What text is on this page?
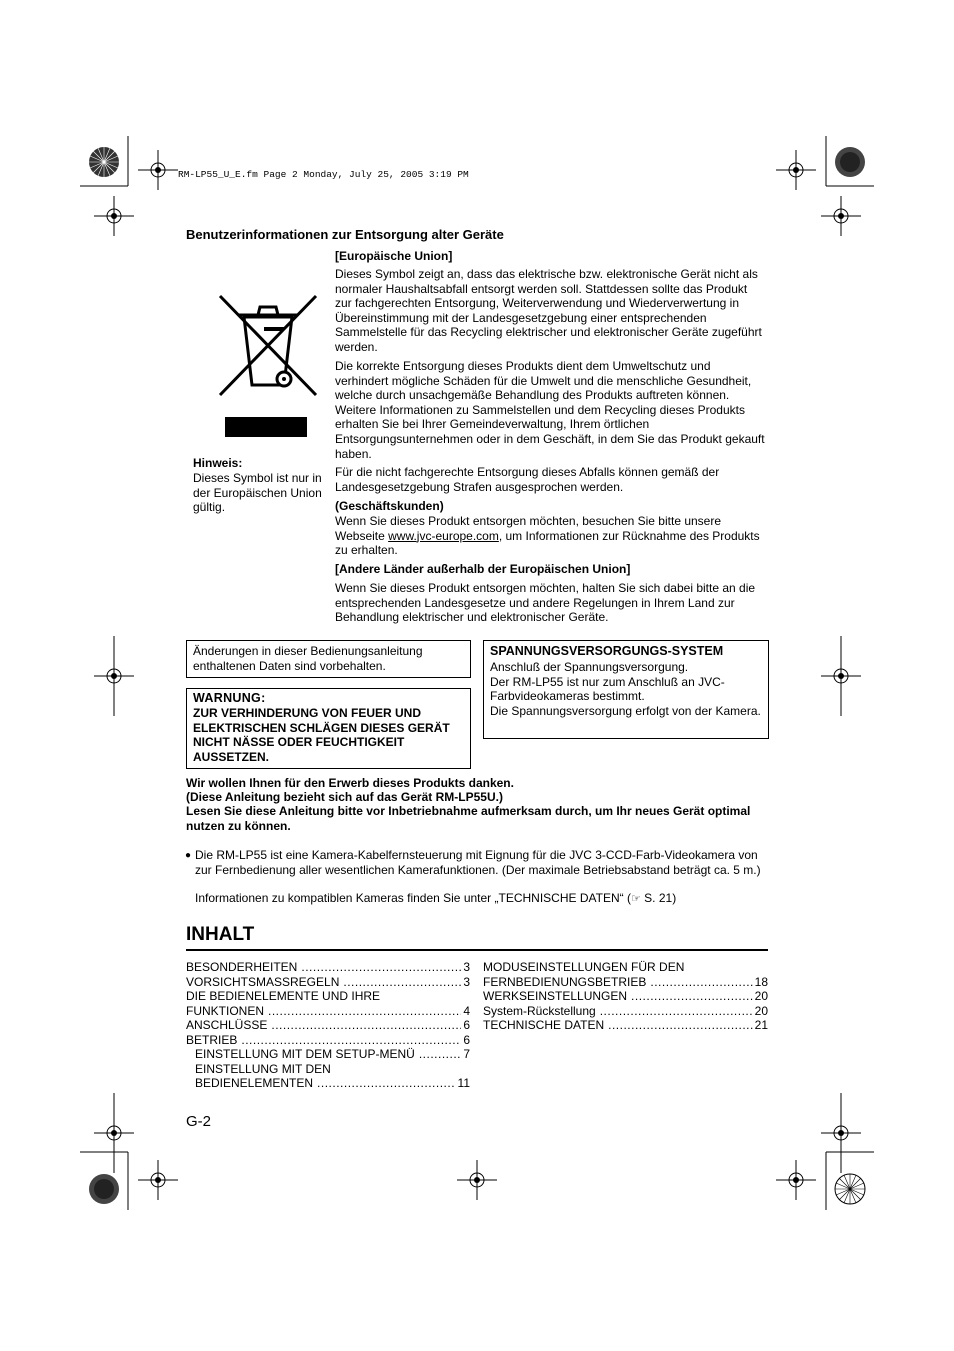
RM-LP55_U_E.fm Page 2 Monday, July 25, 2005 3:19 PM
Benutzerinformationen zur Entsorgung alter Geräte
Hinweis:
Dieses Symbol ist nur in der Europäischen Union gültig.
[Europäische Union]
Dieses Symbol zeigt an, dass das elektrische bzw. elektronische Gerät nicht als normaler Haushaltsabfall entsorgt werden soll. Stattdessen sollte das Produkt zur fachgerechten Entsorgung, Weiterverwendung und Wiederverwertung in Übereinstimmung mit der Landesgesetzgebung einer entsprechenden Sammelstelle für das Recycling elektrischer und elektronischer Geräte zugeführt werden.
Die korrekte Entsorgung dieses Produkts dient dem Umweltschutz und verhindert mögliche Schäden für die Umwelt und die menschliche Gesundheit, welche durch unsachgemäße Behandlung des Produkts auftreten können. Weitere Informationen zu Sammelstellen und dem Recycling dieses Produkts erhalten Sie bei Ihrer Gemeindeverwaltung, Ihrem örtlichen Entsorgungsunternehmen oder in dem Geschäft, in dem Sie das Produkt gekauft haben.
Für die nicht fachgerechte Entsorgung dieses Abfalls können gemäß der Landesgesetzgebung Strafen ausgesprochen werden.
(Geschäftskunden)
Wenn Sie dieses Produkt entsorgen möchten, besuchen Sie bitte unsere Webseite www.jvc-europe.com, um Informationen zur Rücknahme des Produkts zu erhalten.
[Andere Länder außerhalb der Europäischen Union]
Wenn Sie dieses Produkt entsorgen möchten, halten Sie sich dabei bitte an die entsprechenden Landesgesetze und andere Regelungen in Ihrem Land zur Behandlung elektrischer und elektronischer Geräte.
Änderungen in dieser Bedienungsanleitung enthaltenen Daten sind vorbehalten.
WARNUNG:
ZUR VERHINDERUNG VON FEUER UND ELEKTRISCHEN SCHLÄGEN DIESES GERÄT NICHT NÄSSE ODER FEUCHTIGKEIT AUSSETZEN.
SPANNUNGSVERSORGUNGS-SYSTEM
Anschluß der Spannungsversorgung.
Der RM-LP55 ist nur zum Anschluß an JVC-Farbvideokameras bestimmt.
Die Spannungsversorgung erfolgt von der Kamera.
Wir wollen Ihnen für den Erwerb dieses Produkts danken.
(Diese Anleitung bezieht sich auf das Gerät RM-LP55U.)
Lesen Sie diese Anleitung bitte vor Inbetriebnahme aufmerksam durch, um Ihr neues Gerät optimal nutzen zu können.
● Die RM-LP55 ist eine Kamera-Kabelfernsteuerung mit Eignung für die JVC 3-CCD-Farb-Videokamera von zur Fernbedienung aller wesentlichen Kamerafunktionen. (Der maximale Betriebsabstand beträgt ca. 5 m.)
Informationen zu kompatiblen Kameras finden Sie unter „TECHNISCHE DATEN“ (☞ S. 21)
INHALT
BESONDERHEITEN .....	3
VORSICHTSMASSREGELN .....	3
DIE BEDIENELEMENTE UND IHRE
FUNKTIONEN .....	4
ANSCHLÜSSE .....	6
BETRIEB .....	6
EINSTELLUNG MIT DEM SETUP-MENÜ .....	7
EINSTELLUNG MIT DEN
BEDIENELEMENTEN .....	11
MODUSEINSTELLUNGEN FÜR DEN
FERNBEDIENUNGSBETRIEB .....	18
WERKSEINSTELLUNGEN .....	20
System-Rückstellung .....	20
TECHNISCHE DATEN .....	21
G-2
